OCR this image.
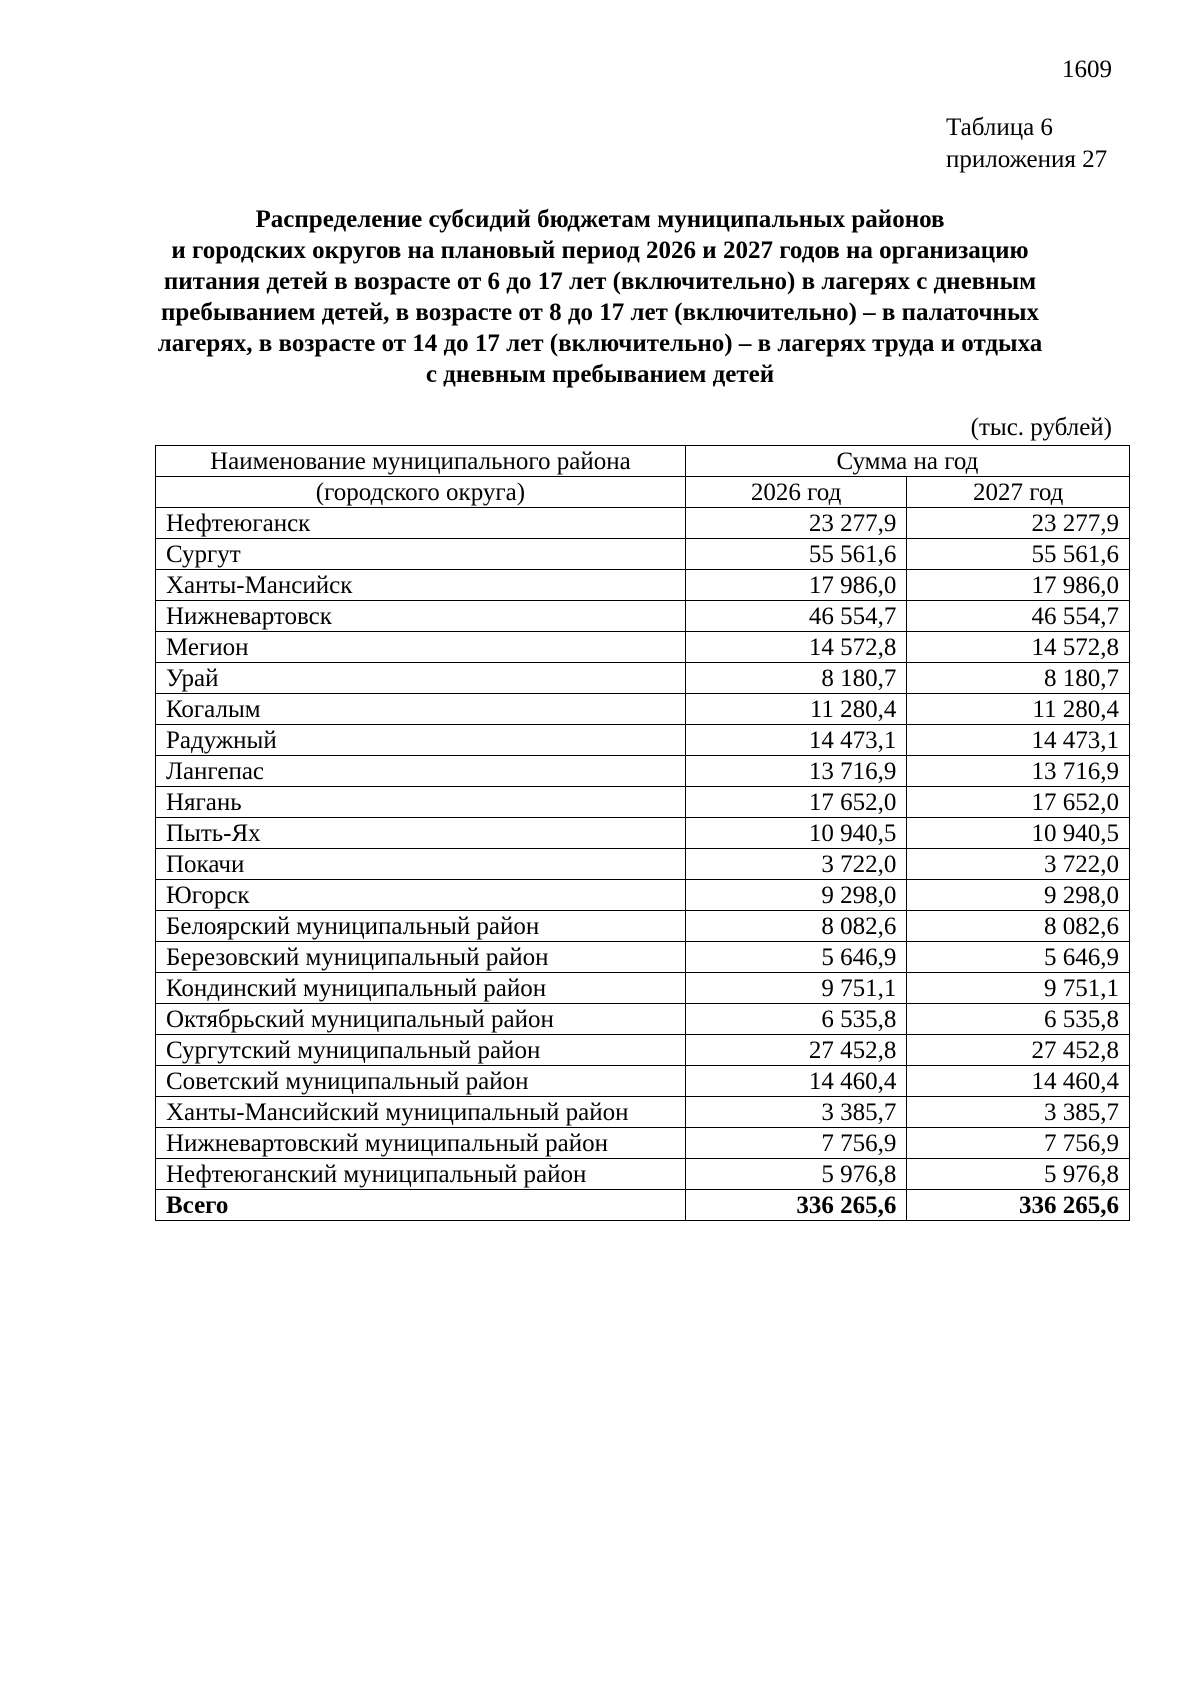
1609
Таблица 6
приложения 27
Распределение субсидий бюджетам муниципальных районов
и городских округов на плановый период 2026 и 2027 годов на организацию
питания детей в возрасте от 6 до 17 лет (включительно) в лагерях с дневным
пребыванием детей, в возрасте от 8 до 17 лет (включительно) – в палаточных
лагерях, в возрасте от 14 до 17 лет (включительно) – в лагерях труда и отдыха
с дневным пребыванием детей
(тыс. рублей)
Наименование муниципального района	Сумма на год	
(городского округа)	2026 год	2027 год
Нефтеюганск	23 277,9	23 277,9
Сургут	55 561,6	55 561,6
Ханты-Мансийск	17 986,0	17 986,0
Нижневартовск	46 554,7	46 554,7
Мегион	14 572,8	14 572,8
Урай	8 180,7	8 180,7
Когалым	11 280,4	11 280,4
Радужный	14 473,1	14 473,1
Лангепас	13 716,9	13 716,9
Нягань	17 652,0	17 652,0
Пыть-Ях	10 940,5	10 940,5
Покачи	3 722,0	3 722,0
Югорск	9 298,0	9 298,0
Белоярский муниципальный район	8 082,6	8 082,6
Березовский муниципальный район	5 646,9	5 646,9
Кондинский муниципальный район	9 751,1	9 751,1
Октябрьский муниципальный район	6 535,8	6 535,8
Сургутский муниципальный район	27 452,8	27 452,8
Советский муниципальный район	14 460,4	14 460,4
Ханты-Мансийский муниципальный район	3 385,7	3 385,7
Нижневартовский муниципальный район	7 756,9	7 756,9
Нефтеюганский муниципальный район	5 976,8	5 976,8
Всего	336 265,6	336 265,6
